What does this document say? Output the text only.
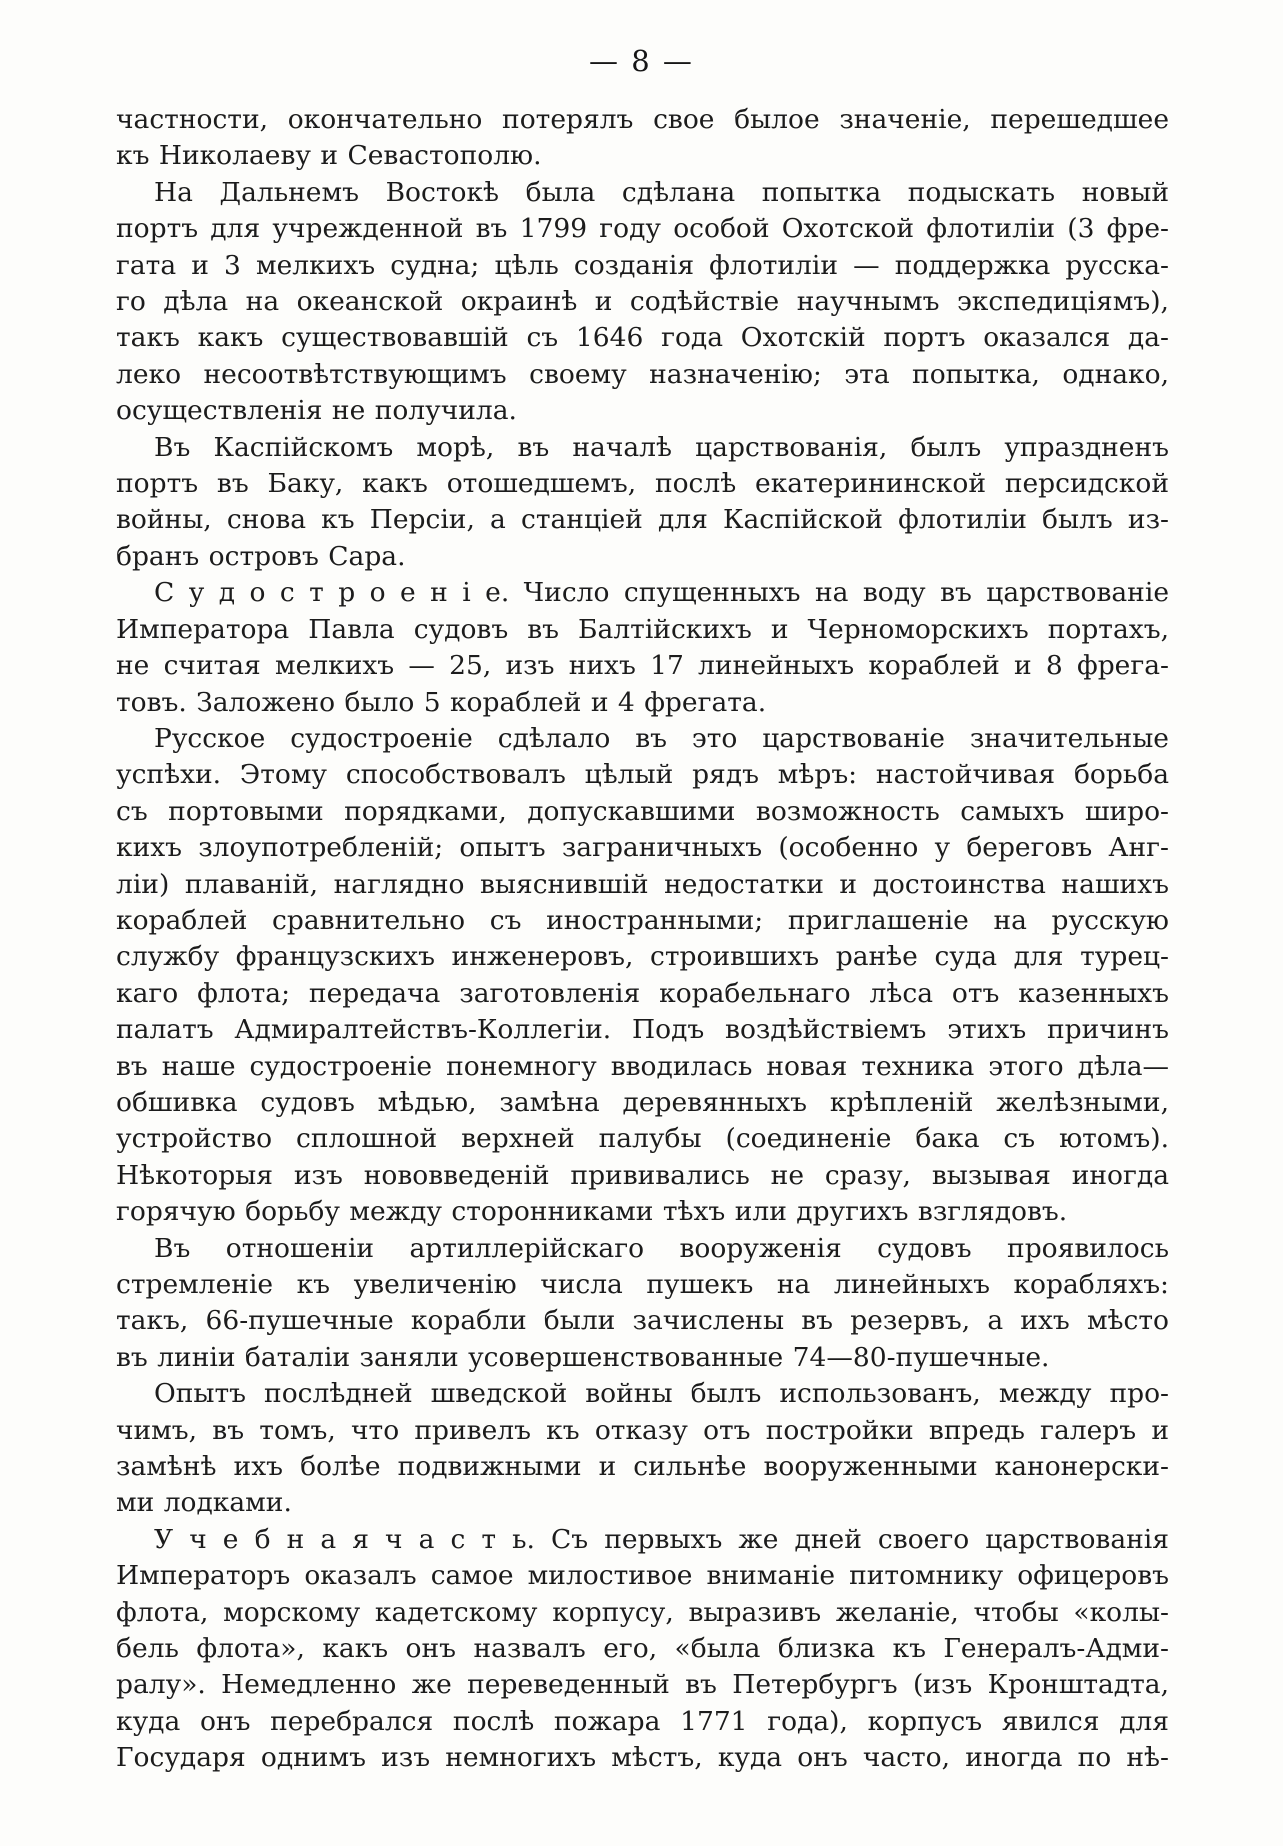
— 8 —
частности, окончательно потерялъ свое былое значеніе, перешедшее
къ Николаеву и Севастополю.
На Дальнемъ Востокѣ была сдѣлана попытка подыскать новый
портъ для учрежденной въ 1799 году особой Охотской флотиліи (3 фре-
гата и 3 мелкихъ судна; цѣль созданія флотиліи — поддержка русска-
го дѣла на океанской окраинѣ и содѣйствіе научнымъ экспедиціямъ),
такъ какъ существовавшій съ 1646 года Охотскій портъ оказался да-
леко несоотвѣтствующимъ своему назначенію; эта попытка, однако,
осуществленія не получила.
Въ Каспійскомъ морѣ, въ началѣ царствованія, былъ упраздненъ
портъ въ Баку, какъ отошедшемъ, послѣ екатерининской персидской
войны, снова къ Персіи, а станціей для Каспійской флотиліи былъ из-
бранъ островъ Сара.
С у д о с т р о е н і е. Число спущенныхъ на воду въ царствованіе
Императора Павла судовъ въ Балтійскихъ и Черноморскихъ портахъ,
не считая мелкихъ — 25, изъ нихъ 17 линейныхъ кораблей и 8 фрега-
товъ. Заложено было 5 кораблей и 4 фрегата.
Русское судостроеніе сдѣлало въ это царствованіе значительные
успѣхи. Этому способствовалъ цѣлый рядъ мѣръ: настойчивая борьба
съ портовыми порядками, допускавшими возможность самыхъ широ-
кихъ злоупотребленій; опытъ заграничныхъ (особенно у береговъ Анг-
ліи) плаваній, наглядно выяснившій недостатки и достоинства нашихъ
кораблей сравнительно съ иностранными; приглашеніе на русскую
службу французскихъ инженеровъ, строившихъ ранѣе суда для турец-
каго флота; передача заготовленія корабельнаго лѣса отъ казенныхъ
палатъ Адмиралтействъ-Коллегіи. Подъ воздѣйствіемъ этихъ причинъ
въ наше судостроеніе понемногу вводилась новая техника этого дѣла—
обшивка судовъ мѣдью, замѣна деревянныхъ крѣпленій желѣзными,
устройство сплошной верхней палубы (соединеніе бака съ ютомъ).
Нѣкоторыя изъ нововведеній прививались не сразу, вызывая иногда
горячую борьбу между сторонниками тѣхъ или другихъ взглядовъ.
Въ отношеніи артиллерійскаго вооруженія судовъ проявилось
стремленіе къ увеличенію числа пушекъ на линейныхъ корабляхъ:
такъ, 66-пушечные корабли были зачислены въ резервъ, а ихъ мѣсто
въ линіи баталіи заняли усовершенствованные 74—80-пушечные.
Опытъ послѣдней шведской войны былъ использованъ, между про-
чимъ, въ томъ, что привелъ къ отказу отъ постройки впредь галеръ и
замѣнѣ ихъ болѣе подвижными и сильнѣе вооруженными канонерски-
ми лодками.
У ч е б н а я ч а с т ь. Съ первыхъ же дней своего царствованія
Императоръ оказалъ самое милостивое вниманіе питомнику офицеровъ
флота, морскому кадетскому корпусу, выразивъ желаніе, чтобы «колы-
бель флота», какъ онъ назвалъ его, «была близка къ Генералъ-Адми-
ралу». Немедленно же переведенный въ Петербургъ (изъ Кронштадта,
куда онъ перебрался послѣ пожара 1771 года), корпусъ явился для
Государя однимъ изъ немногихъ мѣстъ, куда онъ часто, иногда по нѣ-
